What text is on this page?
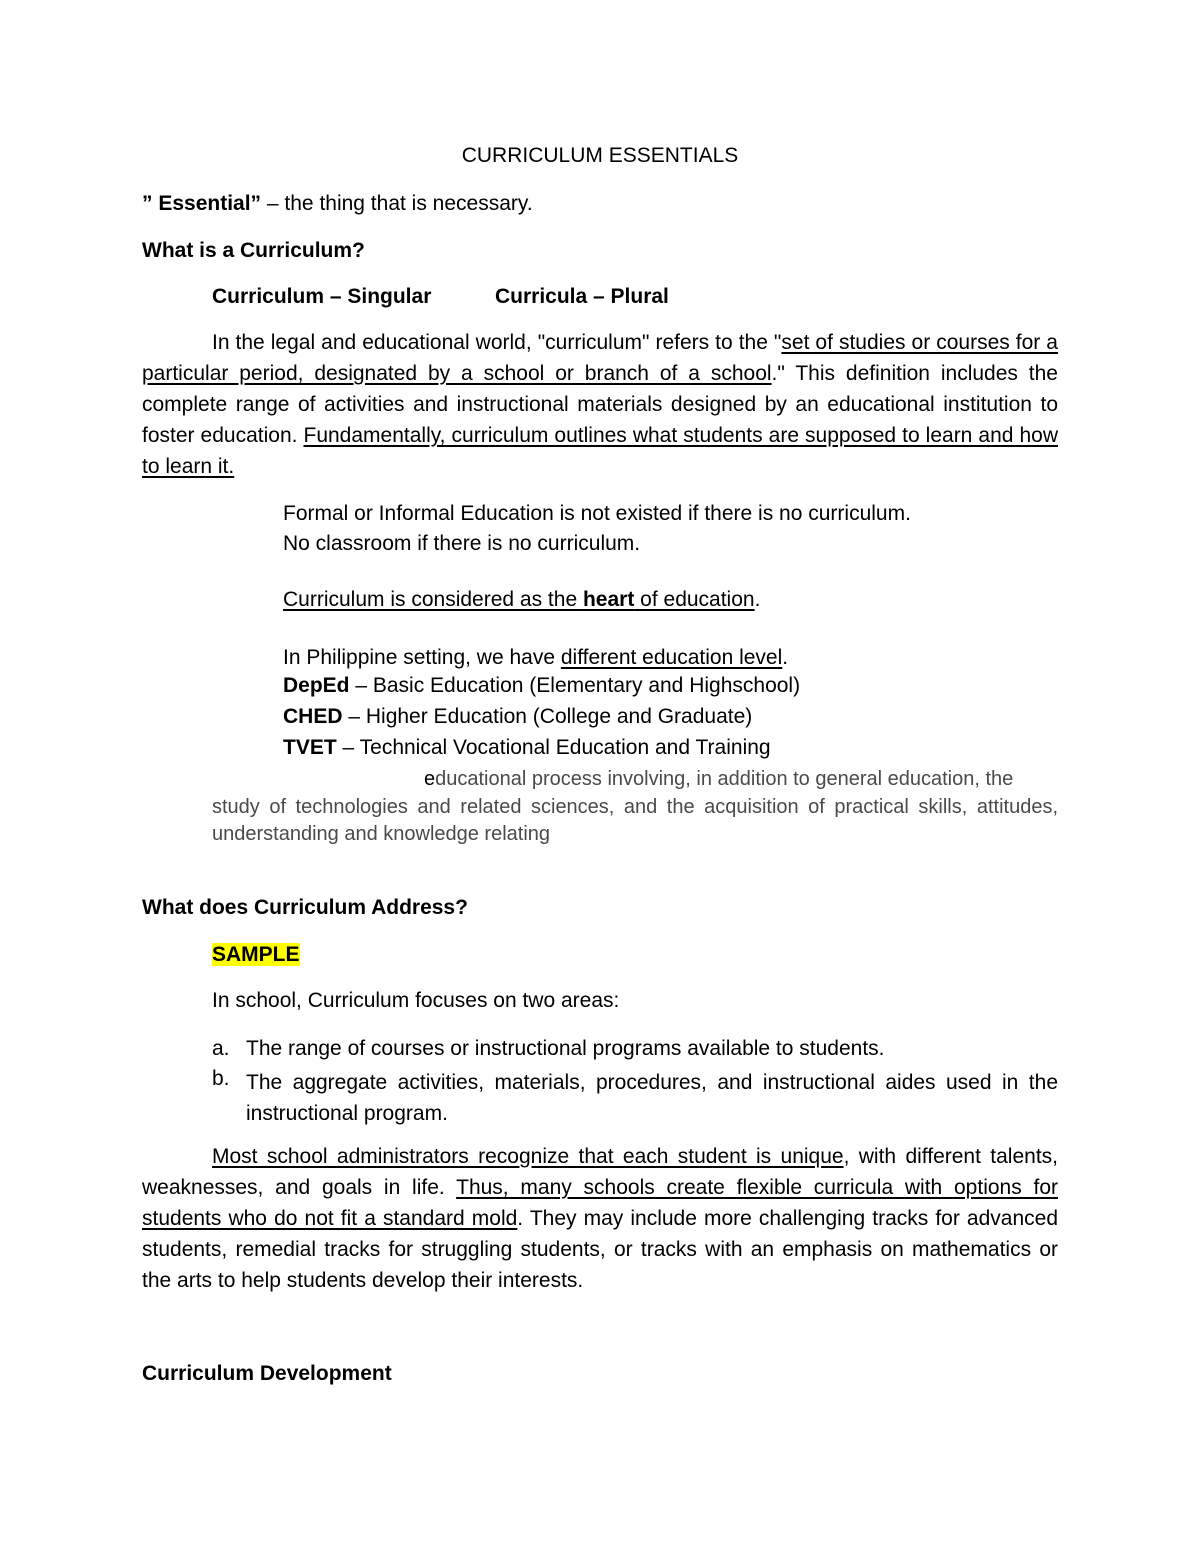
CURRICULUM ESSENTIALS
” Essential” – the thing that is necessary.
What is a Curriculum?
Curriculum – Singular	Curricula – Plural
In the legal and educational world, "curriculum" refers to the "set of studies or courses for a particular period, designated by a school or branch of a school." This definition includes the complete range of activities and instructional materials designed by an educational institution to foster education. Fundamentally, curriculum outlines what students are supposed to learn and how to learn it.
Formal or Informal Education is not existed if there is no curriculum.
No classroom if there is no curriculum.
Curriculum is considered as the heart of education.
In Philippine setting, we have different education level.
DepEd – Basic Education (Elementary and Highschool)
CHED – Higher Education (College and Graduate)
TVET – Technical Vocational Education and Training
educational process involving, in addition to general education, the
study of technologies and related sciences, and the acquisition of practical skills, attitudes, understanding and knowledge relating
What does Curriculum Address?
SAMPLE
In school, Curriculum focuses on two areas:
a. The range of courses or instructional programs available to students.
b. The aggregate activities, materials, procedures, and instructional aides used in the instructional program.
Most school administrators recognize that each student is unique, with different talents, weaknesses, and goals in life. Thus, many schools create flexible curricula with options for students who do not fit a standard mold. They may include more challenging tracks for advanced students, remedial tracks for struggling students, or tracks with an emphasis on mathematics or the arts to help students develop their interests.
Curriculum Development
